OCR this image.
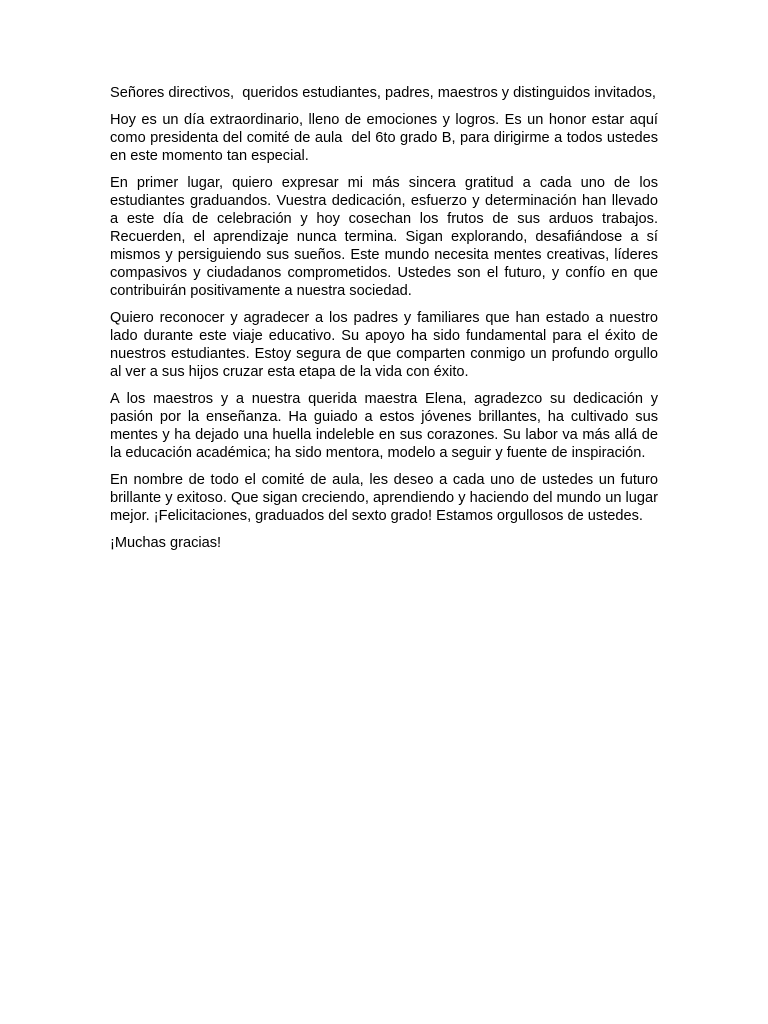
Señores directivos,  queridos estudiantes, padres, maestros y distinguidos invitados,

Hoy es un día extraordinario, lleno de emociones y logros. Es un honor estar aquí como presidenta del comité de aula  del 6to grado B, para dirigirme a todos ustedes en este momento tan especial.

En primer lugar, quiero expresar mi más sincera gratitud a cada uno de los estudiantes graduandos. Vuestra dedicación, esfuerzo y determinación han llevado a este día de celebración y hoy cosechan los frutos de sus arduos trabajos. Recuerden, el aprendizaje nunca termina. Sigan explorando, desafiándose a sí mismos y persiguiendo sus sueños. Este mundo necesita mentes creativas, líderes compasivos y ciudadanos comprometidos. Ustedes son el futuro, y confío en que contribuirán positivamente a nuestra sociedad.

Quiero reconocer y agradecer a los padres y familiares que han estado a nuestro lado durante este viaje educativo. Su apoyo ha sido fundamental para el éxito de nuestros estudiantes. Estoy segura de que comparten conmigo un profundo orgullo al ver a sus hijos cruzar esta etapa de la vida con éxito.

A los maestros y a nuestra querida maestra Elena, agradezco su dedicación y pasión por la enseñanza. Ha guiado a estos jóvenes brillantes, ha cultivado sus mentes y ha dejado una huella indeleble en sus corazones. Su labor va más allá de la educación académica; ha sido mentora, modelo a seguir y fuente de inspiración.

En nombre de todo el comité de aula, les deseo a cada uno de ustedes un futuro brillante y exitoso. Que sigan creciendo, aprendiendo y haciendo del mundo un lugar mejor. ¡Felicitaciones, graduados del sexto grado! Estamos orgullosos de ustedes.

¡Muchas gracias!
